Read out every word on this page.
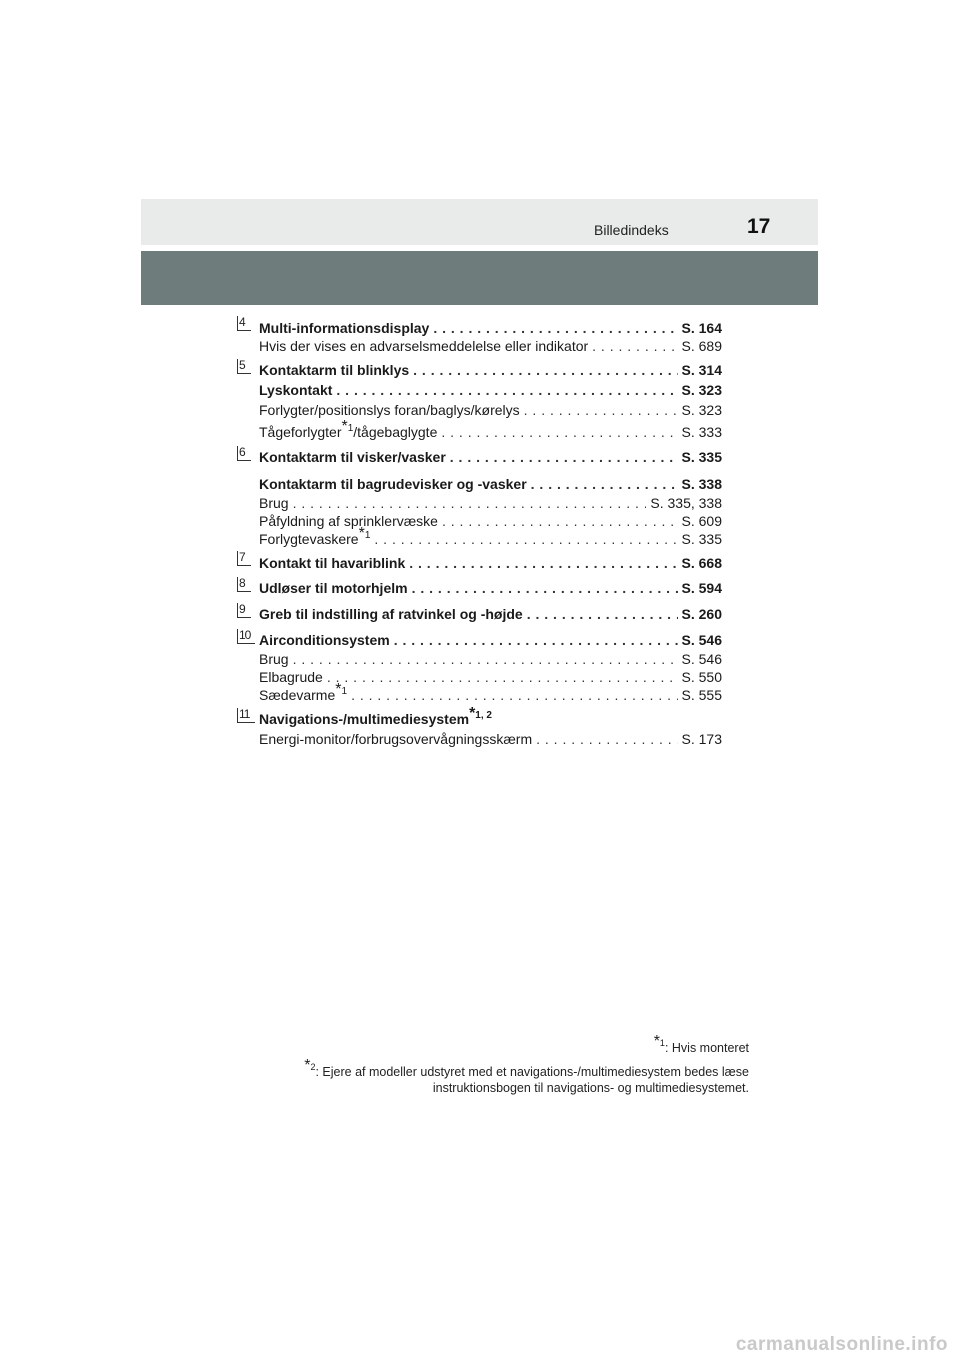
Billedindeks	17
4	Multi-informationsdisplay . . .	S. 164
Hvis der vises en advarselsmeddelelse eller indikator . . .	S. 689
5	Kontaktarm til blinklys . . .	S. 314
Lyskontakt . . .	S. 323
Forlygter/positionslys foran/baglys/kørelys . . .	S. 323
Tågeforlygter$^{*1}$/tågebaglygte . . .	S. 333
6	Kontaktarm til visker/vasker . . .	S. 335
Kontaktarm til bagrudevisker og -vasker . . .	S. 338
Brug . . .	S. 335, 338
Påfyldning af sprinklervæske . . .	S. 609
Forlygtevaskere$^{*1}$ . . .	S. 335
7	Kontakt til havariblink . . .	S. 668
8	Udløser til motorhjelm . . .	S. 594
9	Greb til indstilling af ratvinkel og -højde . . .	S. 260
10 Airconditionsystem . . .	S. 546
Brug . . .	S. 546
Elbagrude . . .	S. 550
Sædevarme$^{*1}$ . . .	S. 555
11 Navigations-/multimediesystem$^{*1, 2}$
Energi-monitor/forbrugsovervågningsskærm . . .	S. 173
$^{*1}$: Hvis monteret
$^{*2}$: Ejere af modeller udstyret med et navigations-/multimediesystem bedes læse
instruktionsbogen til navigations- og multimediesystemet.
carmanualsonline.info
